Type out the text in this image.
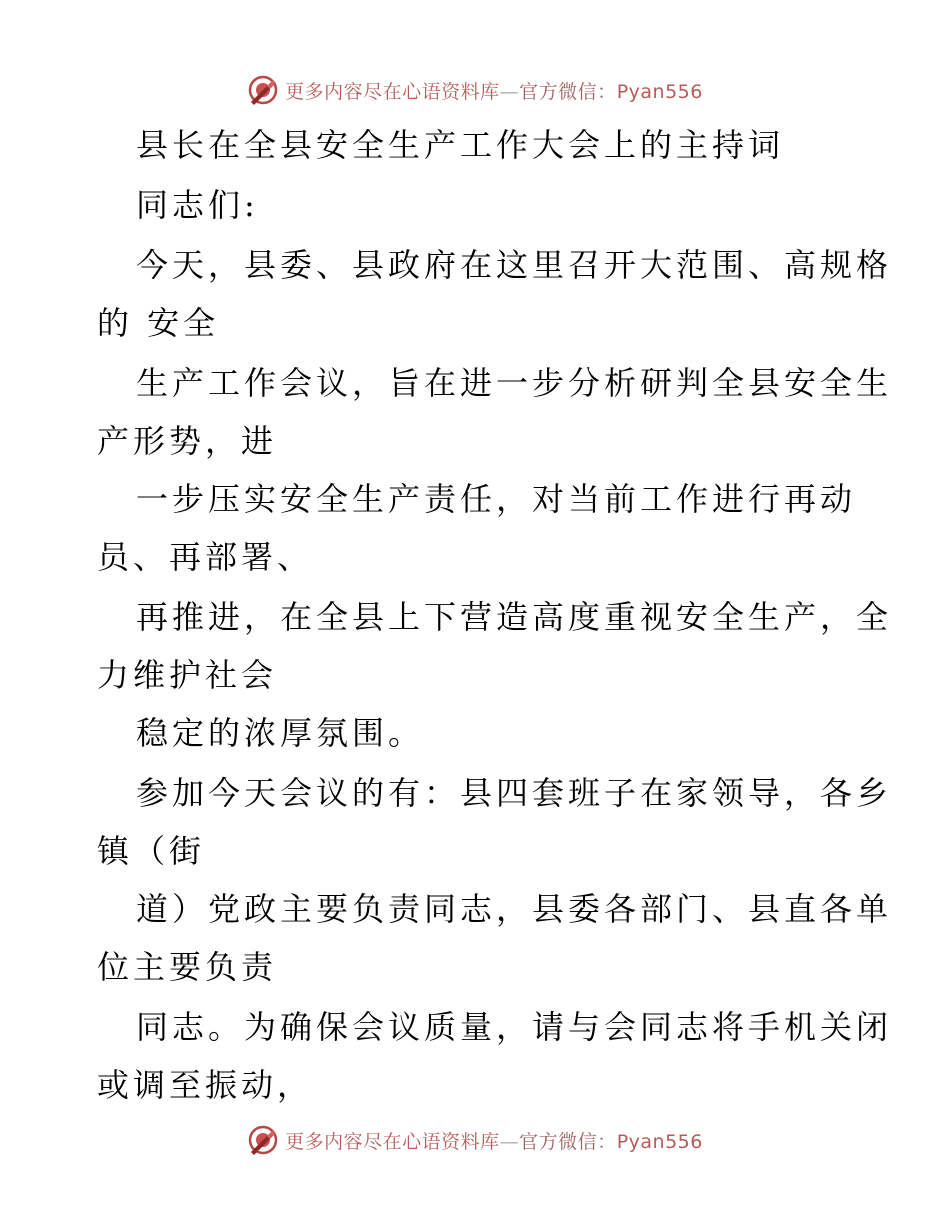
更多内容尽在心语资料库—官方微信：Pyan556
县长在全县安全生产工作大会上的主持词
同志们:
今天，县委、县政府在这里召开大范围、高规格
的 安全
生产工作会议，旨在进一步分析研判全县安全生
产形势，进
一步压实安全生产责任，对当前工作进行再动
员、再部署、
再推进，在全县上下营造高度重视安全生产，全
力维护社会
稳定的浓厚氛围。
参加今天会议的有：县四套班子在家领导，各乡
镇（街
道）党政主要负责同志，县委各部门、县直各单
位主要负责
同志。为确保会议质量，请与会同志将手机关闭
或调至振动，
更多内容尽在心语资料库—官方微信：Pyan556
